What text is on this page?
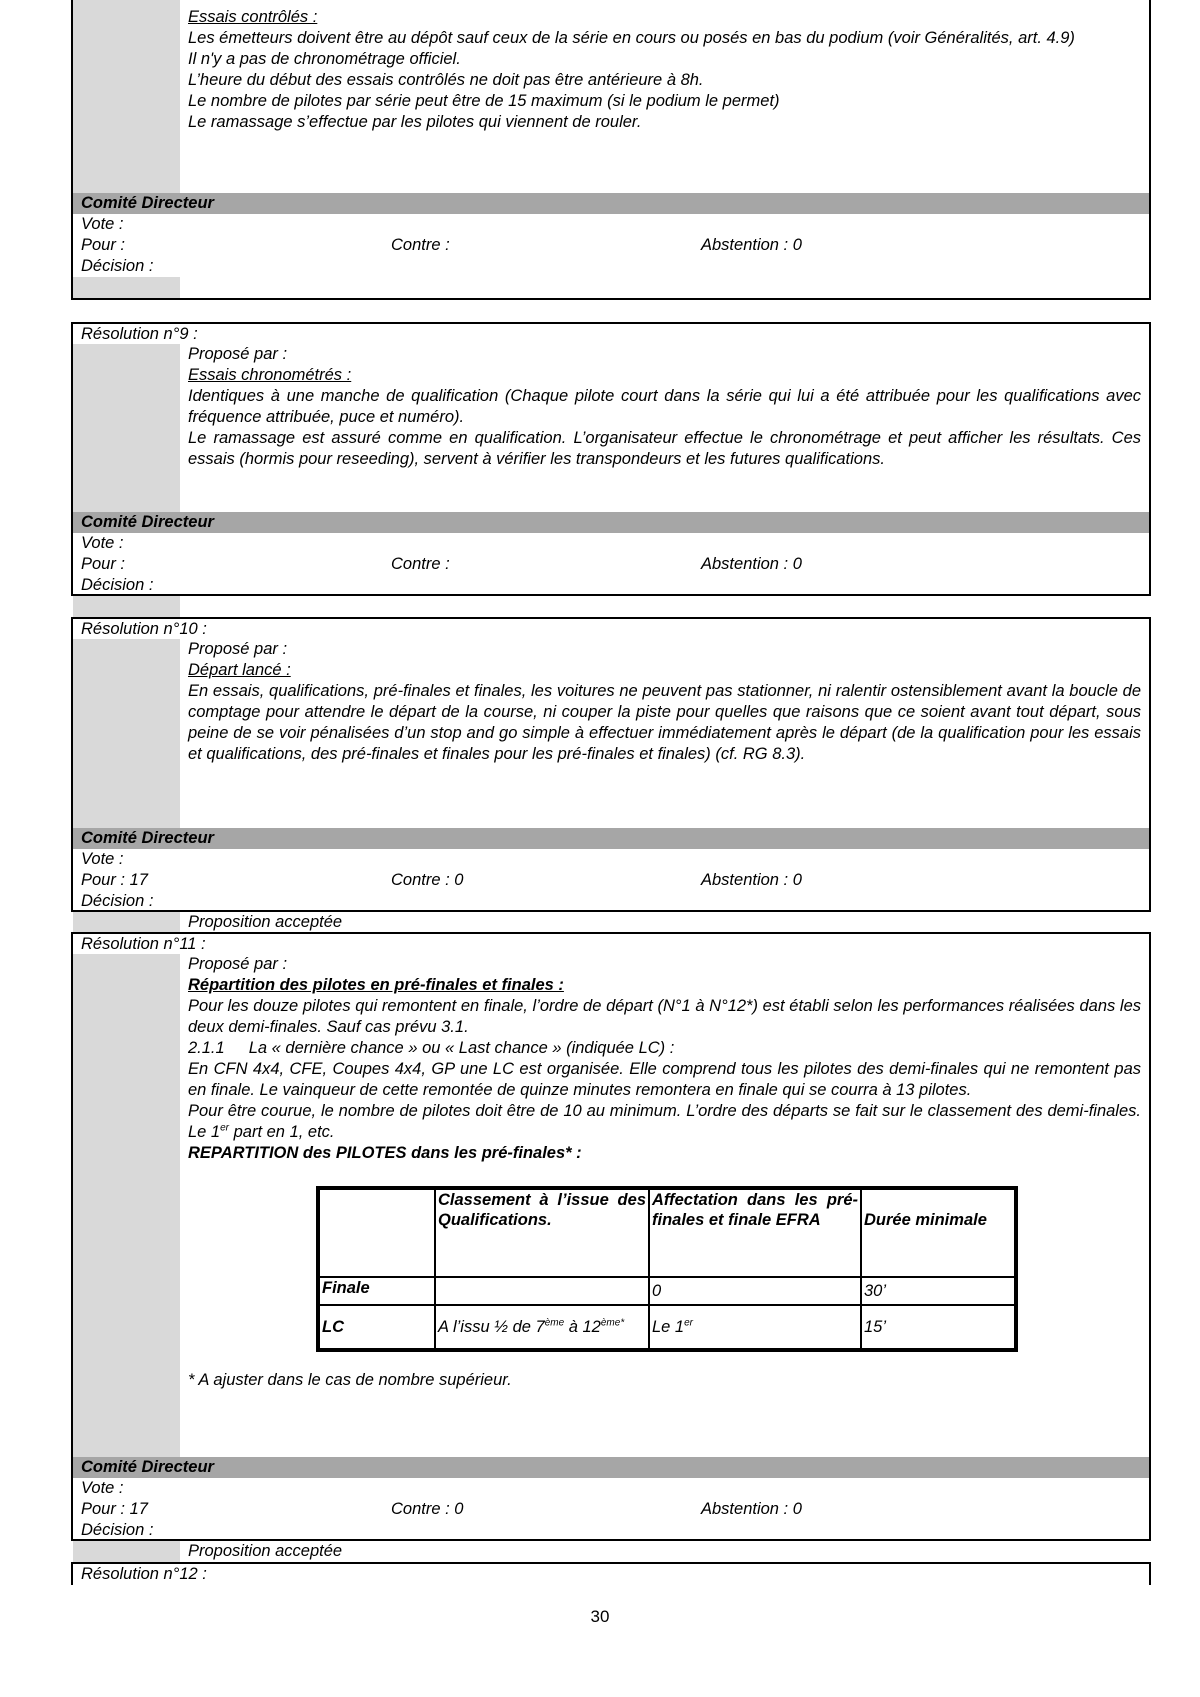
Essais contrôlés :
Les émetteurs doivent être au dépôt sauf ceux de la série en cours ou posés en bas du podium (voir Généralités, art. 4.9)
Il n'y a pas de chronométrage officiel.
L’heure du début des essais contrôlés ne doit pas être antérieure à 8h.
Le nombre de pilotes par série peut être de 15 maximum (si le podium le permet)
Le ramassage s’effectue par les pilotes qui viennent de rouler.
Comité Directeur
Vote :
Pour :	Contre :	Abstention : 0
Décision :
Résolution n°9 :
Proposé par :
Essais chronométrés :
Identiques à une manche de qualification (Chaque pilote court dans la série qui lui a été attribuée pour les qualifications avec fréquence attribuée, puce et numéro).
Le ramassage est assuré comme en qualification. L’organisateur effectue le chronométrage et peut afficher les résultats. Ces essais (hormis pour reseeding), servent à vérifier les transpondeurs et les futures qualifications.
Comité Directeur
Vote :
Pour :	Contre :	Abstention : 0
Décision :
Résolution n°10 :
Proposé par :
Départ lancé :
En essais, qualifications, pré-finales et finales, les voitures ne peuvent pas stationner, ni ralentir ostensiblement avant la boucle de comptage pour attendre le départ de la course, ni couper la piste pour quelles que raisons que ce soient avant tout départ, sous peine de se voir pénalisées d’un stop and go simple à effectuer immédiatement après le départ (de la qualification pour les essais et qualifications, des pré-finales et finales pour les pré-finales et finales) (cf. RG 8.3).
Comité Directeur
Vote :
Pour : 17	Contre : 0	Abstention : 0
Décision :
Proposition acceptée
Résolution n°11 :
Proposé par :
Répartition des pilotes en pré-finales et finales :
Pour les douze pilotes qui remontent en finale, l’ordre de départ (N°1 à N°12*) est établi selon les performances réalisées dans les deux demi-finales. Sauf cas prévu 3.1.
2.1.1 La « dernière chance » ou « Last chance » (indiquée LC) :
En CFN 4x4, CFE, Coupes 4x4, GP une LC est organisée. Elle comprend tous les pilotes des demi-finales qui ne remontent pas en finale. Le vainqueur de cette remontée de quinze minutes remontera en finale qui se courra à 13 pilotes.
Pour être courue, le nombre de pilotes doit être de 10 au minimum. L’ordre des départs se fait sur le classement des demi-finales. Le 1er part en 1, etc.
REPARTITION des PILOTES dans les pré-finales* :
	Classement à l’issue des Qualifications.	Affectation dans les pré-finales et finale EFRA	Durée minimale
Finale		0	30’
LC	A l’issu ½ de 7ème à $12^{ème*}$	Le 1er	15’
* A ajuster dans le cas de nombre supérieur.
Comité Directeur
Vote :
Pour : 17	Contre : 0	Abstention : 0
Décision :
Proposition acceptée
Résolution n°12 :
30
